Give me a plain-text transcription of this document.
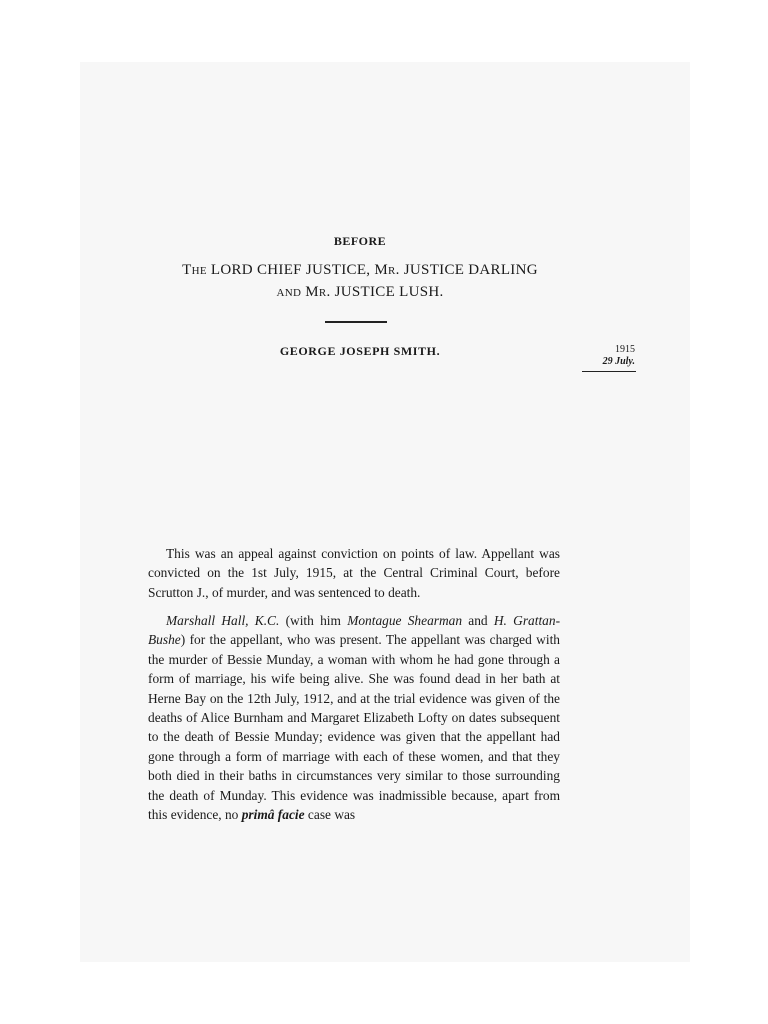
BEFORE
The LORD CHIEF JUSTICE, Mr. JUSTICE DARLING
and Mr. JUSTICE LUSH.
GEORGE JOSEPH SMITH.	1915
29 July.

This was an appeal against conviction on points of law. Appellant was convicted on the 1st July, 1915, at the Central Criminal Court, before Scrutton J., of murder, and was sentenced to death.

Marshall Hall, K.C. (with him Montague Shearman and H. Grattan-Bushe) for the appellant, who was present. The appellant was charged with the murder of Bessie Munday, a woman with whom he had gone through a form of marriage, his wife being alive. She was found dead in her bath at Herne Bay on the 12th July, 1912, and at the trial evidence was given of the deaths of Alice Burnham and Margaret Elizabeth Lofty on dates subsequent to the death of Bessie Munday; evidence was given that the appellant had gone through a form of marriage with each of these women, and that they both died in their baths in circumstances very similar to those surrounding the death of Munday. This evidence was inadmissible because, apart from this evidence, no primâ facie case was
